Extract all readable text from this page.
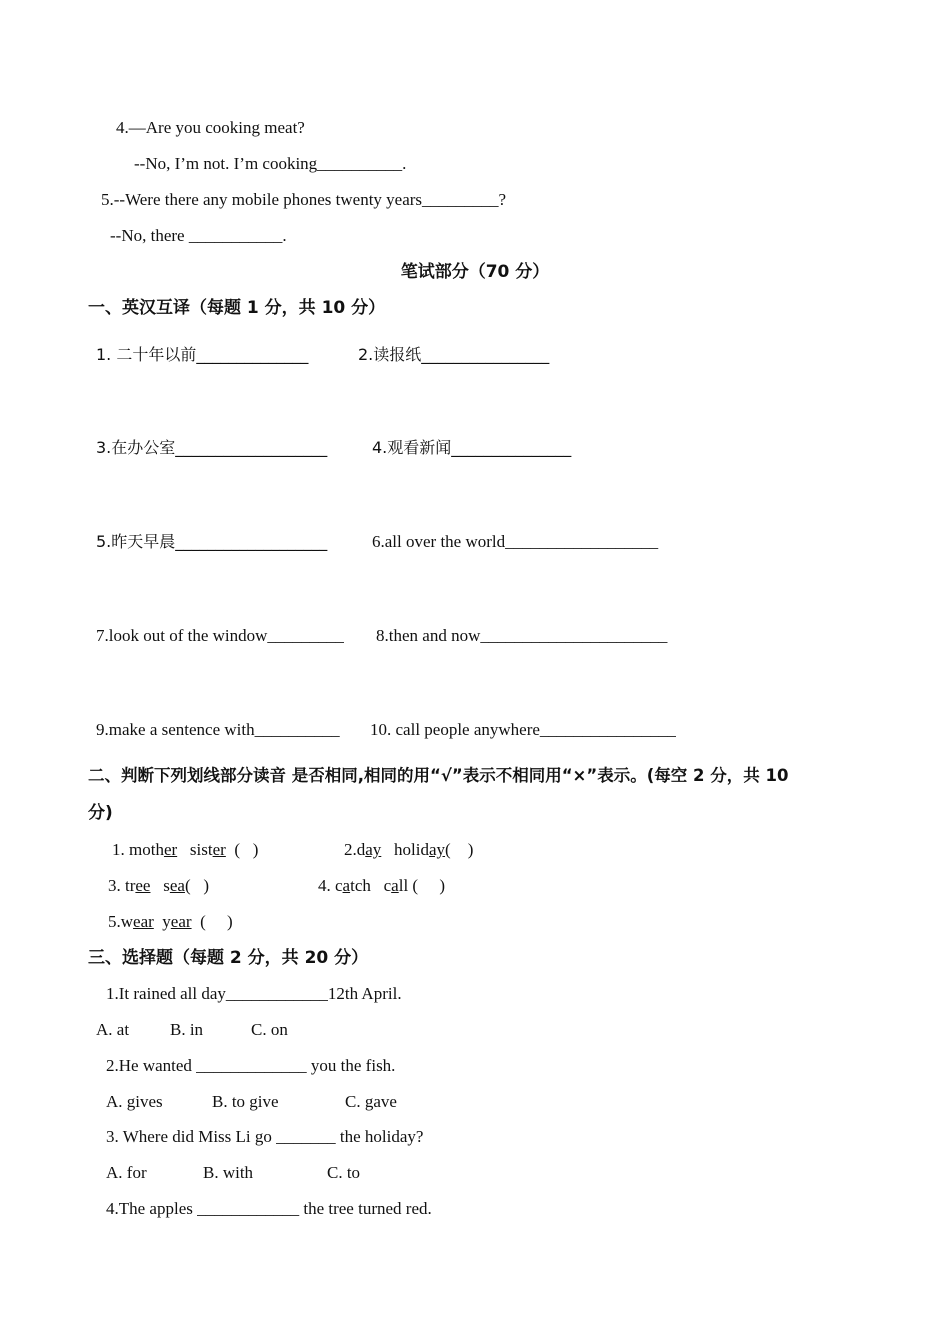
4.—Are you cooking meat?
--No, I’m not. I’m cooking__________.
5.--Were there any mobile phones twenty years_________?
--No, there ___________.
笔试部分（70 分）
一、英汉互译（每题 1 分，共 10 分）
1. 二十年以前______________	2.读报纸________________
3.在办公室___________________	4.观看新闻_______________
5.昨天早晨___________________	6.all over the world__________________
7.look out of the window_________ 8.then and now______________________
9.make a sentence with__________ 10. call people anywhere________________
二、判断下列划线部分读音 是否相同,相同的用“√”表示不相同用“×”表示。(每空 2 分，共 10
分)
1. mother   sister  (   )	2.day   holiday(    )
3. tree   sea(   )	4. catch   call (     )
5.wear  year  (     )
三、选择题（每题 2 分，共 20 分）
1.It rained all day____________12th April.
A. at B. in	C. on
2.He wanted _____________ you the fish.
A. gives	B. to give	C. gave
3. Where did Miss Li go _______ the holiday?
A. for	B. with	C. to
4.The apples ____________ the tree turned red.
